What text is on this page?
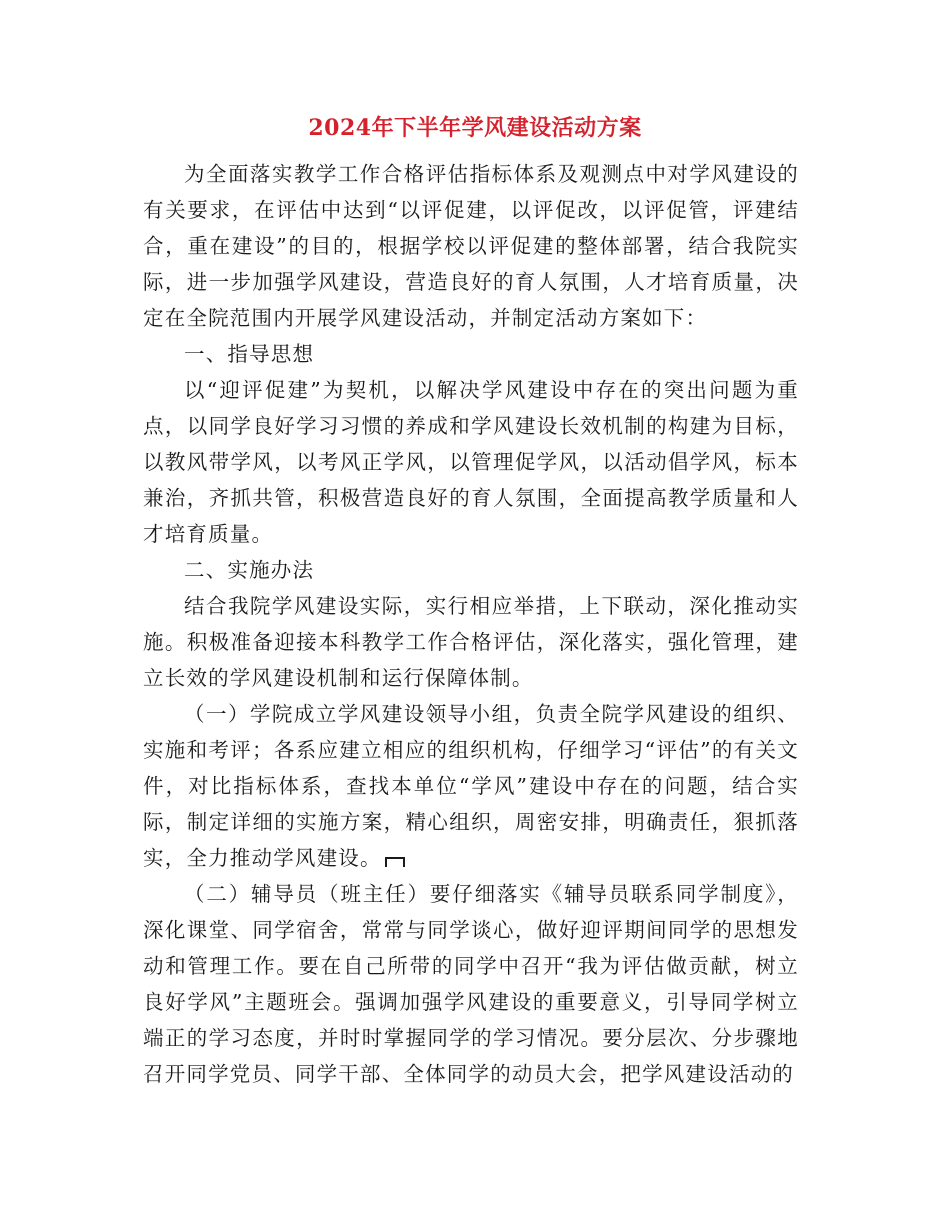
2024年下半年学风建设活动方案

为全面落实教学工作合格评估指标体系及观测点中对学风建设的有关要求，在评估中达到“以评促建，以评促改，以评促管，评建结合，重在建设”的目的，根据学校以评促建的整体部署，结合我院实际，进一步加强学风建设，营造良好的育人氛围，人才培育质量，决定在全院范围内开展学风建设活动，并制定活动方案如下：

一、指导思想

以“迎评促建”为契机，以解决学风建设中存在的突出问题为重点，以同学良好学习习惯的养成和学风建设长效机制的构建为目标，以教风带学风，以考风正学风，以管理促学风，以活动倡学风，标本兼治，齐抓共管，积极营造良好的育人氛围，全面提高教学质量和人才培育质量。

二、实施办法

结合我院学风建设实际，实行相应举措，上下联动，深化推动实施。积极准备迎接本科教学工作合格评估，深化落实，强化管理，建立长效的学风建设机制和运行保障体制。

（一）学院成立学风建设领导小组，负责全院学风建设的组织、实施和考评；各系应建立相应的组织机构，仔细学习“评估”的有关文件，对比指标体系，查找本单位“学风”建设中存在的问题，结合实际，制定详细的实施方案，精心组织，周密安排，明确责任，狠抓落实，全力推动学风建设。

（二）辅导员（班主任）要仔细落实《辅导员联系同学制度》，深化课堂、同学宿舍，常常与同学谈心，做好迎评期间同学的思想发动和管理工作。要在自己所带的同学中召开“我为评估做贡献，树立良好学风”主题班会。强调加强学风建设的重要意义，引导同学树立端正的学习态度，并时时掌握同学的学习情况。要分层次、分步骤地召开同学党员、同学干部、全体同学的动员大会，把学风建设活动的
